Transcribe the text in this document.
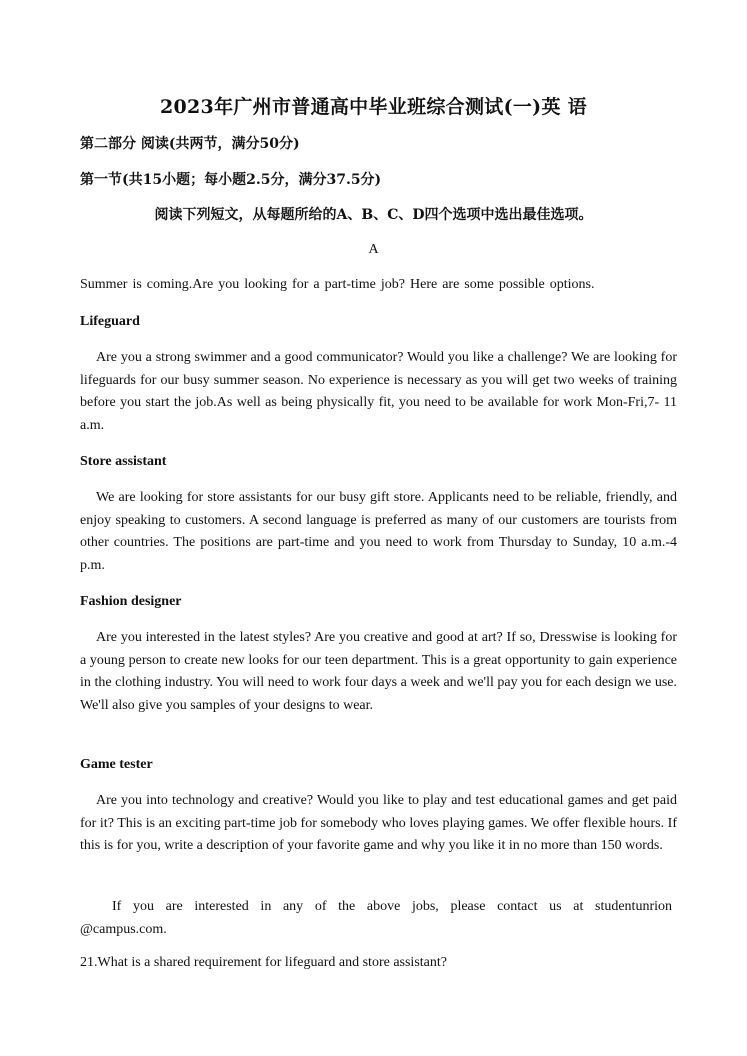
2023年广州市普通高中毕业班综合测试(一)英 语
第二部分 阅读(共两节，满分50分)
第一节(共15小题；每小题2.5分，满分37.5分)
阅读下列短文，从每题所给的A、B、C、D四个选项中选出最佳选项。
A
Summer is coming.Are you looking for a part-time job? Here are some possible options.
Lifeguard

Are you a strong swimmer and a good communicator? Would you like a challenge? We are looking for lifeguards for our busy summer season. No experience is necessary as you will get two weeks of training before you start the job.As well as being physically fit, you need to be available for work Mon-Fri,7- 11 a.m.

Store assistant

We are looking for store assistants for our busy gift store. Applicants need to be reliable, friendly, and enjoy speaking to customers. A second language is preferred as many of our customers are tourists from other countries. The positions are part-time and you need to work from Thursday to Sunday, 10 a.m.-4 p.m.

Fashion designer

Are you interested in the latest styles? Are you creative and good at art? If so, Dresswise is looking for a young person to create new looks for our teen department. This is a great opportunity to gain experience in the clothing industry. You will need to work four days a week and we'll pay you for each design we use. We'll also give you samples of your designs to wear.

Game tester

Are you into technology and creative? Would you like to play and test educational games and get paid for it? This is an exciting part-time job for somebody who loves playing games. We offer flexible hours. If this is for you, write a description of your favorite game and why you like it in no more than 150 words.

If you are interested in any of the above jobs, please contact us at studentunrion @campus.com.

21.What is a shared requirement for lifeguard and store assistant?
